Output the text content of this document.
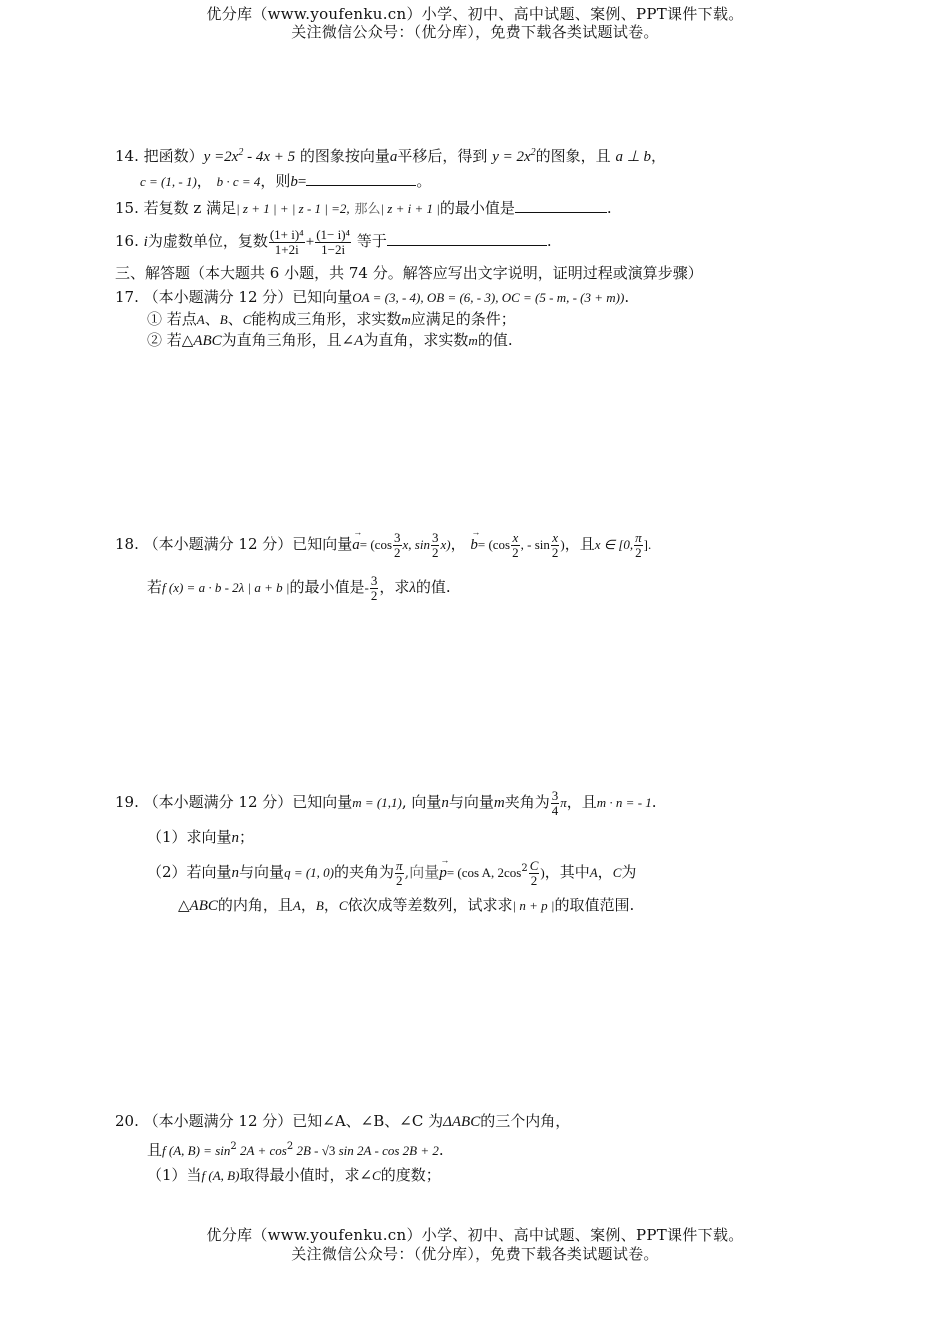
优分库（www.youfenku.cn）小学、初中、高中试题、案例、PPT课件下载。
关注微信公众号：（优分库），免费下载各类试题试卷。
14. 把函数）$y =2x^2 - 4x + 5$ 的图象按向量a平移后，得到 $y = 2x^2$的图象，且 a ⊥ b，
c = (1, - 1)， b · c = 4，则b=	。
15. 若复数 z 满足| z + 1 | + | z - 1 | =2, 那么| z + i + 1 |的最小值是	.
16. i为虚数单位，复数 $\frac{\text{(1+ i)⁴}}{1+2i} + \frac{\text{(1− i)⁴}}{1-2i}$ 等于	.
三、解答题（本大题共 6 小题，共 74 分。解答应写出文字说明，证明过程或演算步骤）
17. （本小题满分 12 分）已知向量OA = (3, - 4), OB = (6, - 3), OC = (5 - m, - (3 + m)).
① 若点A、B、C能构成三角形，求实数m应满足的条件；
② 若△ABC为直角三角形，且∠A为直角，求实数m的值.
18. （本小题满分 12 分）已知向量→ $a= (\cos \frac{3}{2} x$, $\sin \frac{3}{2} x$)， → $b= (\cos \frac{x}{2}$ , - $\sin \frac{x}{2}$ )，且x ∈ [0, $\frac{\pi}{2}$ ].
若f (x) = a · b - 2λ | a + b |的最小值是- $\frac{3}{2}$ ，求λ的值.
19. （本小题满分 12 分）已知向量m = (1,1), 向量n与向量m夹角为 $\frac{3}{4}$ π，且m · n = - 1.
（1）求向量n；
（2）若向量n与向量q = (1, 0)的夹角为 $\frac{\pi}{2}$ ,向量→ p= (cos A, $2\cos^2 \frac{C}{2}$ )，其中A，C为
△ABC的内角，且A，B，C依次成等差数列，试求求| n + p |的取值范围.
20. （本小题满分 12 分）已知∠A、∠B、∠C 为ΔABC的三个内角，
且f (A, $B) = \sin^2 2A + \cos^2 2B - √3$ sin 2A - cos 2B + 2.
（1）当f (A, B)取得最小值时，求∠C的度数；
优分库（www.youfenku.cn）小学、初中、高中试题、案例、PPT课件下载。
关注微信公众号：（优分库），免费下载各类试题试卷。
